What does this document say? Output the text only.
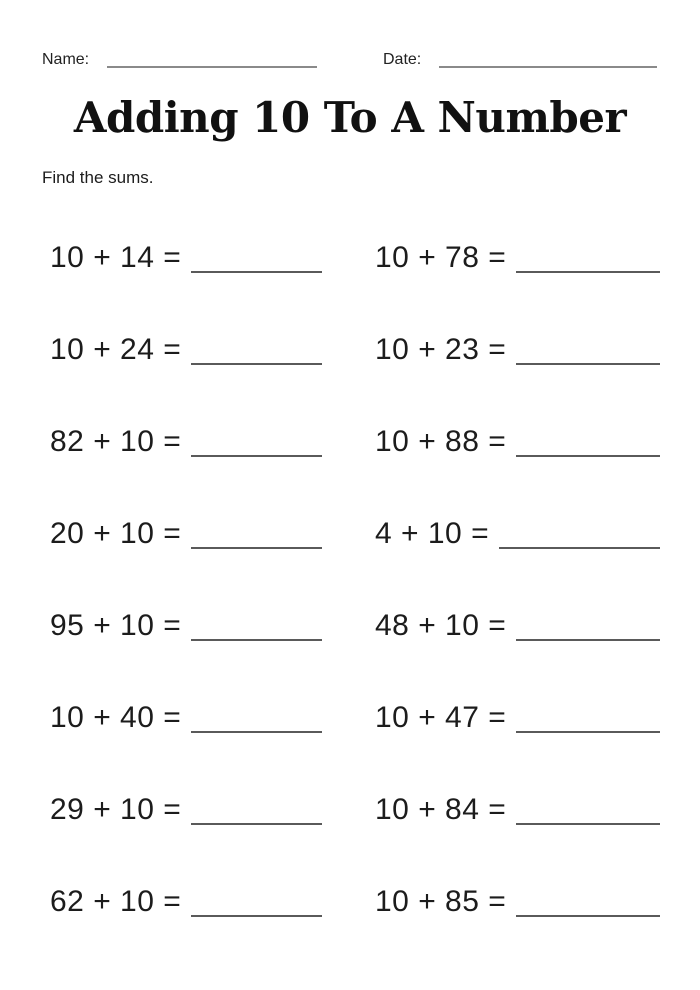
Name:	Date:
Adding 10 To A Number
Find the sums.
10 + 14 =	10 + 78 =
10 + 24 =	10 + 23 =
82 + 10 =	10 + 88 =
20 + 10 =	4 + 10 =
95 + 10 =	48 + 10 =
10 + 40 =	10 + 47 =
29 + 10 =	10 + 84 =
62 + 10 =	10 + 85 =
